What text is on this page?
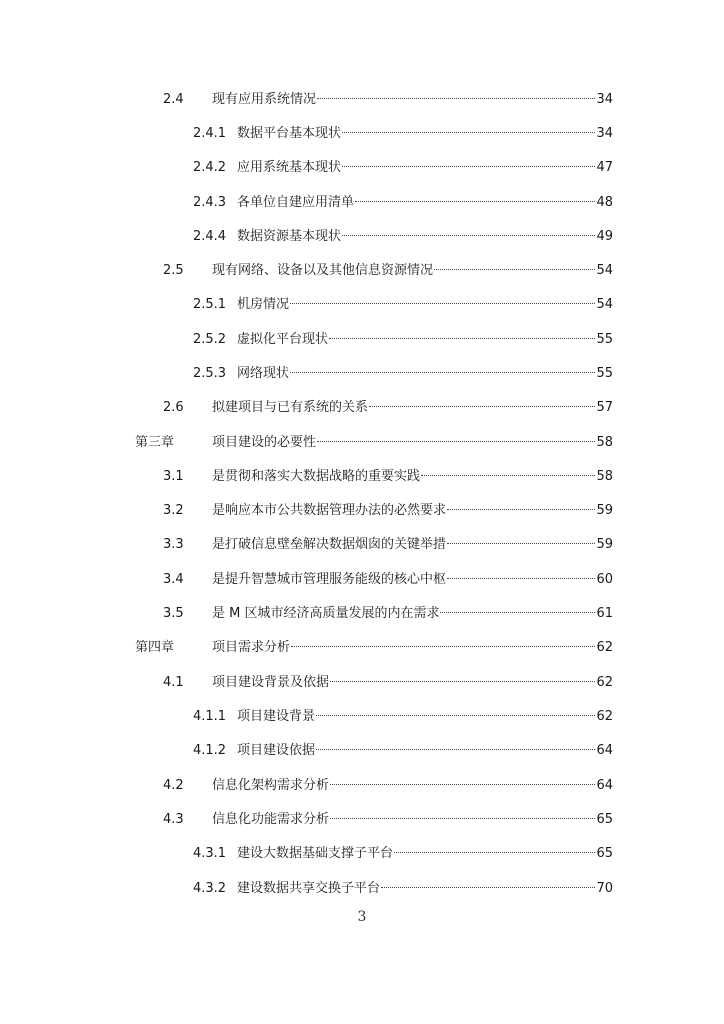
2.4	现有应用系统情况	34
2.4.1 数据平台基本现状	34
2.4.2 应用系统基本现状	47
2.4.3 各单位自建应用清单	48
2.4.4 数据资源基本现状	49
2.5	现有网络、设备以及其他信息资源情况	54
2.5.1 机房情况	54
2.5.2 虚拟化平台现状	55
2.5.3 网络现状	55
2.6	拟建项目与已有系统的关系	57
第三章	项目建设的必要性	58
3.1	是贯彻和落实大数据战略的重要实践	58
3.2	是响应本市公共数据管理办法的必然要求	59
3.3	是打破信息壁垒解决数据烟囱的关键举措	59
3.4	是提升智慧城市管理服务能级的核心中枢	60
3.5	是 M 区城市经济高质量发展的内在需求	61
第四章	项目需求分析	62
4.1	项目建设背景及依据	62
4.1.1 项目建设背景	62
4.1.2 项目建设依据	64
4.2	信息化架构需求分析	64
4.3	信息化功能需求分析	65
4.3.1 建设大数据基础支撑子平台	65
4.3.2 建设数据共享交换子平台	70
3
